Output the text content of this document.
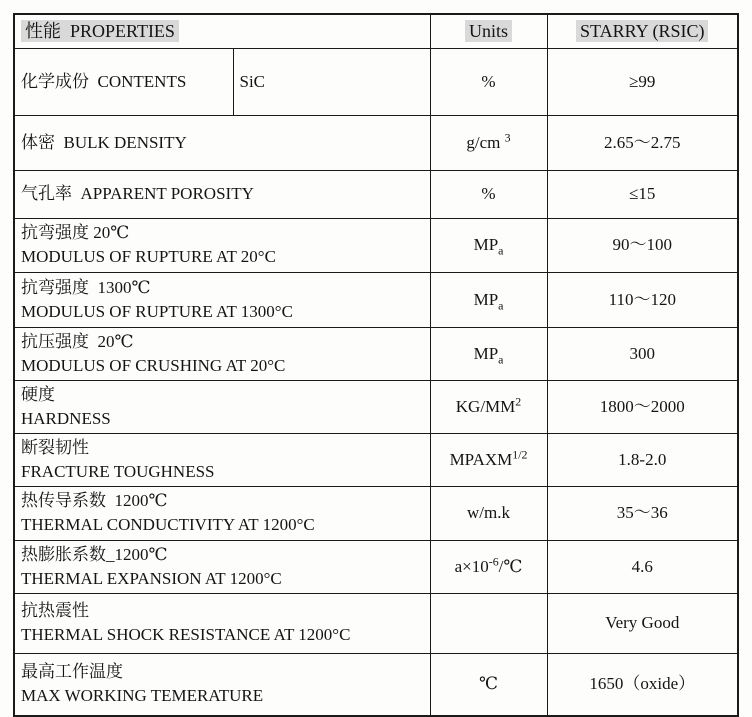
性能  PROPERTIES		Units	STARRY (RSIC)

化学成份  CONTENTS	SiC	%	≥99

体密  BULK DENSITY		g/cm $^3$	2.65～2.75

气孔率  APPARENT POROSITY		%	≤15

抗弯强度 20℃
MODULUS OF RUPTURE AT 20°C		$MP_a$	90～100

抗弯强度  1300℃
MODULUS OF RUPTURE AT 1300°C		$MP_a$	110～120

抗压强度  20℃
MODULUS OF CRUSHING AT 20°C		$MP_a$	300

硬度
HARDNESS		$KG/MM^2$	1800～2000

断裂韧性
FRACTURE TOUGHNESS		$MPAXM^{1/2}$	1.8-2.0

热传导系数  1200℃
THERMAL CONDUCTIVITY AT 1200°C		w/m.k	35～36

热膨胀系数_1200℃
THERMAL EXPANSION AT 1200°C		$a\times 10^{-6}/℃$	4.6

抗热震性
THERMAL SHOCK RESISTANCE AT 1200°C			Very Good

最高工作温度
MAX WORKING TEMERATURE		℃	1650（oxide）
